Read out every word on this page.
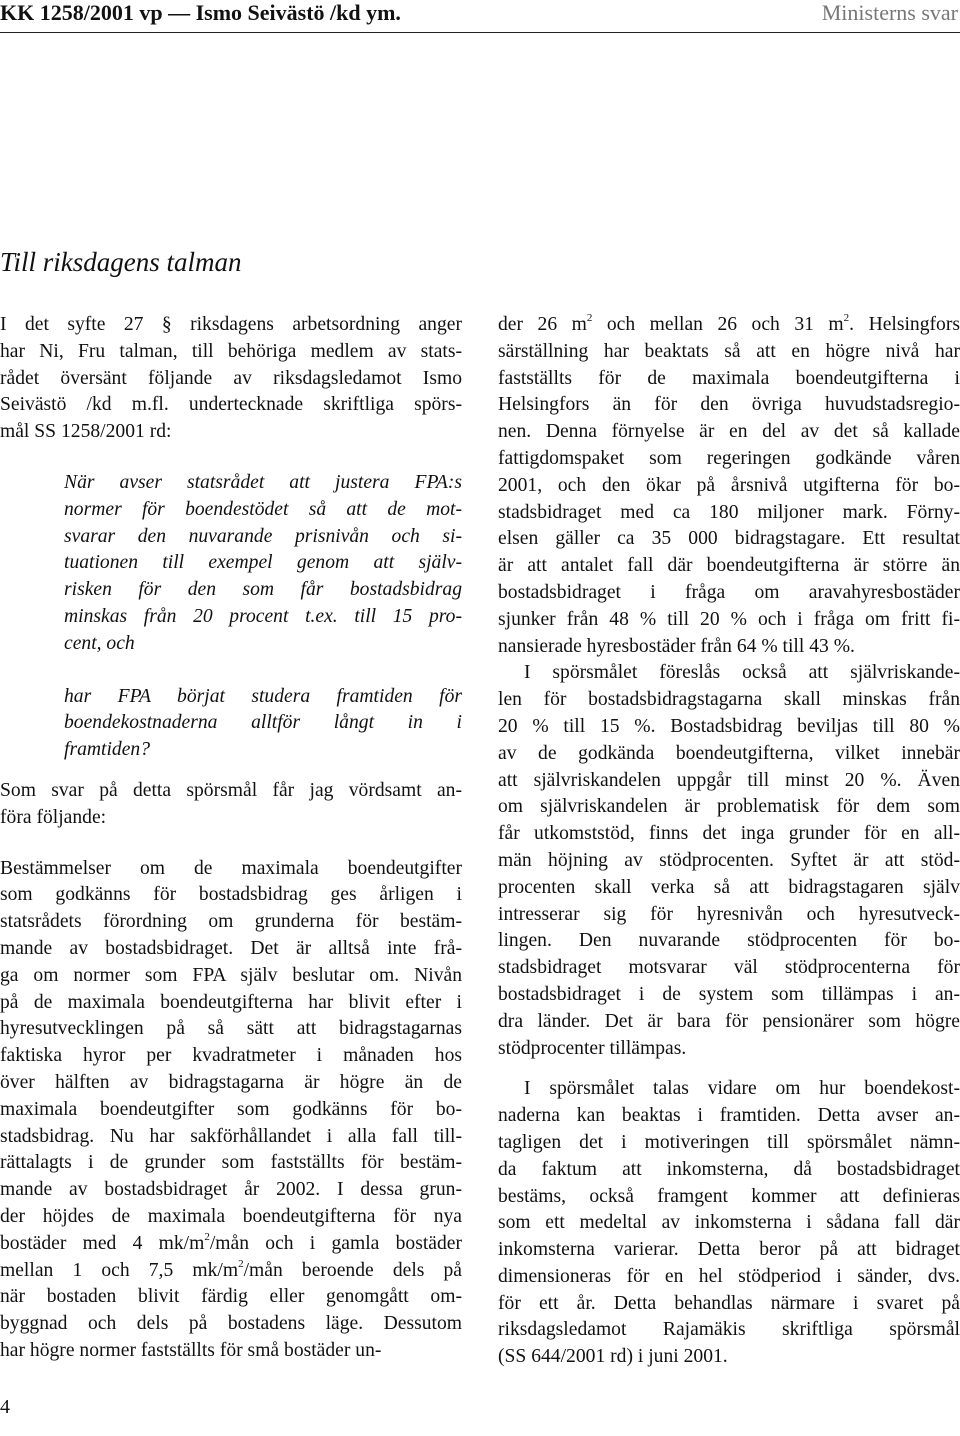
KK 1258/2001 vp — Ismo Seivästö /kd ym.	Ministerns svar
Till riksdagens talman
I det syfte 27 § riksdagens arbetsordning anger
har Ni, Fru talman, till behöriga medlem av stats-
rådet översänt följande av riksdagsledamot Ismo
Seivästö /kd m.fl. undertecknade skriftliga spörs-
mål SS 1258/2001 rd:
När avser statsrådet att justera FPA:s
normer för boendestödet så att de mot-
svarar den nuvarande prisnivån och si-
tuationen till exempel genom att själv-
risken för den som får bostadsbidrag
minskas från 20 procent t.ex. till 15 pro-
cent, och
har FPA börjat studera framtiden för
boendekostnaderna alltför långt in i
framtiden?
Som svar på detta spörsmål får jag vördsamt an-
föra följande:
Bestämmelser om de maximala boendeutgifter
som godkänns för bostadsbidrag ges årligen i
statsrådets förordning om grunderna för bestäm-
mande av bostadsbidraget. Det är alltså inte frå-
ga om normer som FPA själv beslutar om. Nivån
på de maximala boendeutgifterna har blivit efter i
hyresutvecklingen på så sätt att bidragstagarnas
faktiska hyror per kvadratmeter i månaden hos
över hälften av bidragstagarna är högre än de
maximala boendeutgifter som godkänns för bo-
stadsbidrag. Nu har sakförhållandet i alla fall till-
rättalagts i de grunder som fastställts för bestäm-
mande av bostadsbidraget år 2002. I dessa grun-
der höjdes de maximala boendeutgifterna för nya
bostäder med 4 $mk/m^2$/mån och i gamla bostäder
mellan 1 och 7,5 $mk/m^2$/mån beroende dels på
när bostaden blivit färdig eller genomgått om-
byggnad och dels på bostadens läge. Dessutom
har högre normer fastställts för små bostäder un-
der 26 $m^2$ och mellan 26 och 31 $m^2$. Helsingfors
särställning har beaktats så att en högre nivå har
fastställts för de maximala boendeutgifterna i
Helsingfors än för den övriga huvudstadsregio-
nen. Denna förnyelse är en del av det så kallade
fattigdomspaket som regeringen godkände våren
2001, och den ökar på årsnivå utgifterna för bo-
stadsbidraget med ca 180 miljoner mark. Förny-
elsen gäller ca 35 000 bidragstagare. Ett resultat
är att antalet fall där boendeutgifterna är större än
bostadsbidraget i fråga om aravahyresbostäder
sjunker från 48 % till 20 % och i fråga om fritt fi-
nansierade hyresbostäder från 64 % till 43 %.
I spörsmålet föreslås också att självriskande-
len för bostadsbidragstagarna skall minskas från
20 % till 15 %. Bostadsbidrag beviljas till 80 %
av de godkända boendeutgifterna, vilket innebär
att självriskandelen uppgår till minst 20 %. Även
om självriskandelen är problematisk för dem som
får utkomststöd, finns det inga grunder för en all-
män höjning av stödprocenten. Syftet är att stöd-
procenten skall verka så att bidragstagaren själv
intresserar sig för hyresnivån och hyresutveck-
lingen. Den nuvarande stödprocenten för bo-
stadsbidraget motsvarar väl stödprocenterna för
bostadsbidraget i de system som tillämpas i an-
dra länder. Det är bara för pensionärer som högre
stödprocenter tillämpas.
I spörsmålet talas vidare om hur boendekost-
naderna kan beaktas i framtiden. Detta avser an-
tagligen det i motiveringen till spörsmålet nämn-
da faktum att inkomsterna, då bostadsbidraget
bestäms, också framgent kommer att definieras
som ett medeltal av inkomsterna i sådana fall där
inkomsterna varierar. Detta beror på att bidraget
dimensioneras för en hel stödperiod i sänder, dvs.
för ett år. Detta behandlas närmare i svaret på
riksdagsledamot Rajamäkis skriftliga spörsmål
(SS 644/2001 rd) i juni 2001.
4
